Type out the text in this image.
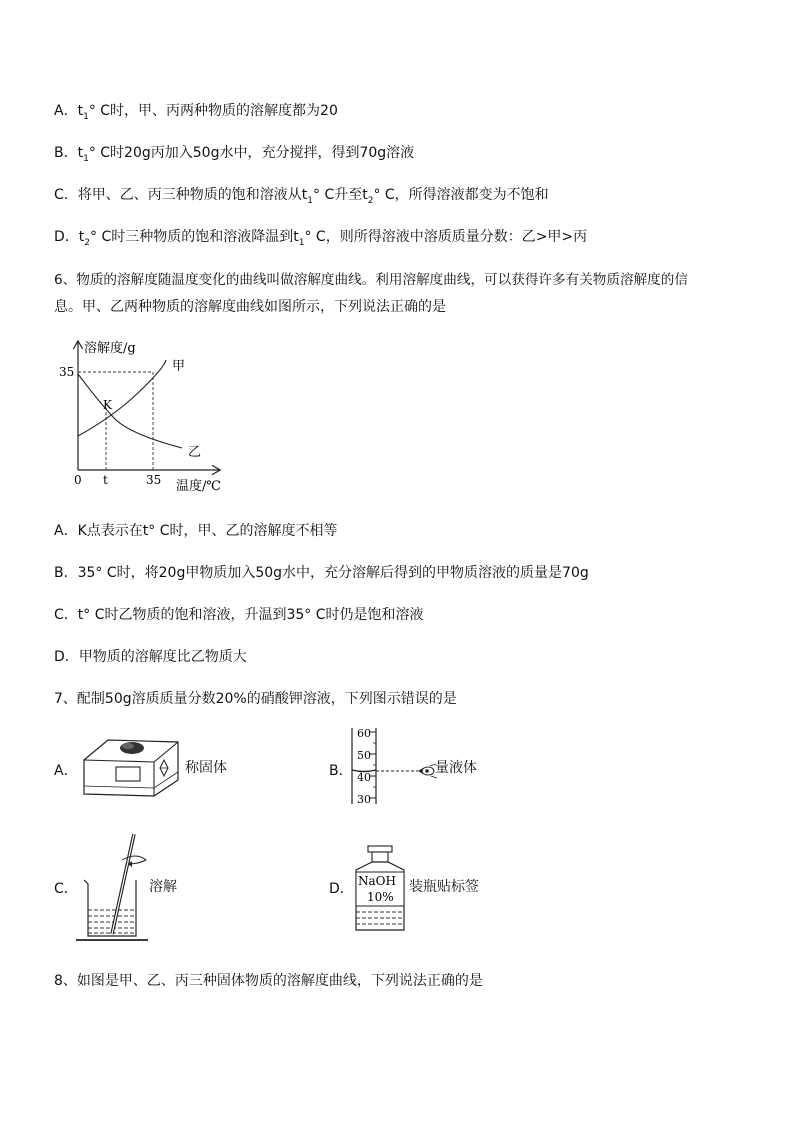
A．$t_1^\circ$ C时，甲、丙两种物质的溶解度都为20
B．$t_1^\circ$ C时20g丙加入50g水中，充分搅拌，得到70g溶液
C．将甲、乙、丙三种物质的饱和溶液从$t_1^\circ$ C升至$t_2^\circ$ C，所得溶液都变为不饱和
D．$t_2^\circ$ C时三种物质的饱和溶液降温到$t_1^\circ$ C，则所得溶液中溶质质量分数：乙>甲>丙
6、物质的溶解度随温度变化的曲线叫做溶解度曲线。利用溶解度曲线，可以获得许多有关物质溶解度的信
息。甲、乙两种物质的溶解度曲线如图所示，下列说法正确的是
溶解度/g
温度/℃
35
0 t	35
甲
乙
K
A．K点表示在t° C时，甲、乙的溶解度不相等
B．35° C时，将20g甲物质加入50g水中，充分溶解后得到的甲物质溶液的质量是70g
C．t° C时乙物质的饱和溶液，升温到35° C时仍是饱和溶液
D．甲物质的溶解度比乙物质大
7、配制50g溶质质量分数20%的硝酸钾溶液，下列图示错误的是
A．	称固体	B．
60
50
40
30
量液体
C．	溶解	D． NaOH
10%
装瓶贴标签
8、如图是甲、乙、丙三种固体物质的溶解度曲线，下列说法正确的是
